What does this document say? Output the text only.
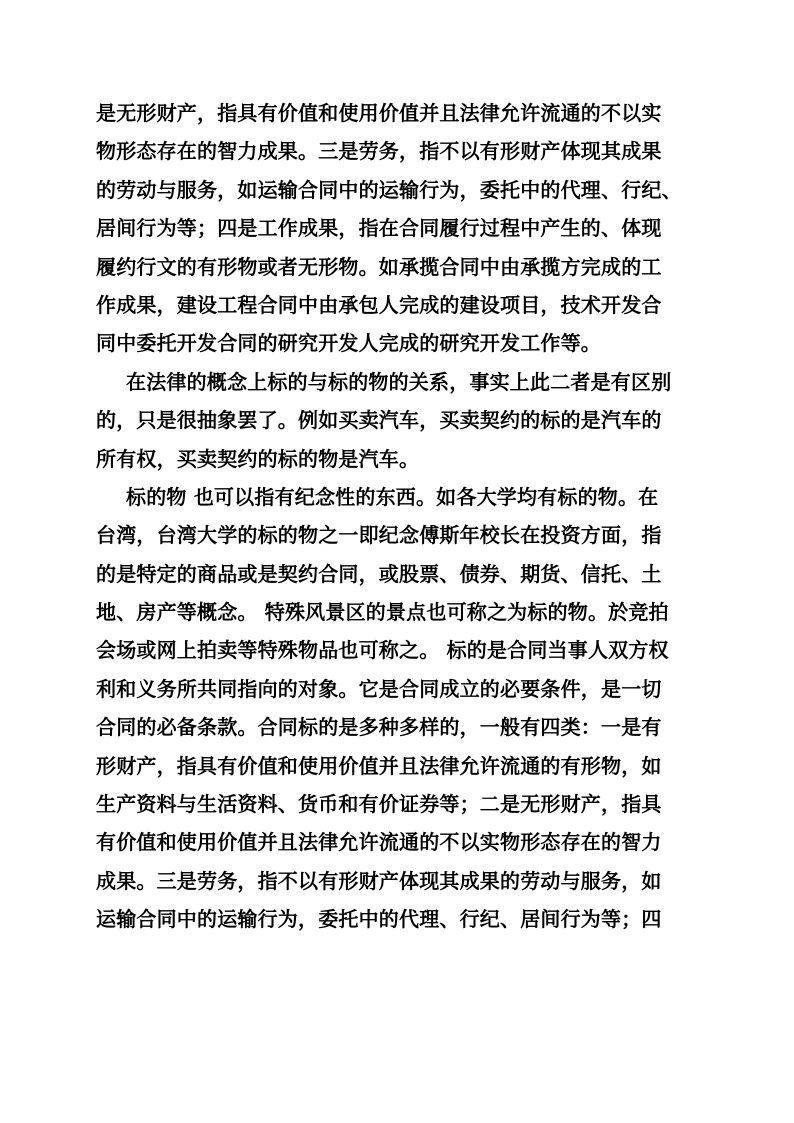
是无形财产，指具有价值和使用价值并且法律允许流通的不以实
物形态存在的智力成果。三是劳务，指不以有形财产体现其成果
的劳动与服务，如运输合同中的运输行为，委托中的代理、行纪、
居间行为等；四是工作成果，指在合同履行过程中产生的、体现
履约行文的有形物或者无形物。如承揽合同中由承揽方完成的工
作成果，建设工程合同中由承包人完成的建设项目，技术开发合
同中委托开发合同的研究开发人完成的研究开发工作等。
在法律的概念上标的与标的物的关系，事实上此二者是有区别
的，只是很抽象罢了。例如买卖汽车，买卖契约的标的是汽车的
所有权，买卖契约的标的物是汽车。
标的物 也可以指有纪念性的东西。如各大学均有标的物。在
台湾，台湾大学的标的物之一即纪念傅斯年校长在投资方面，指
的是特定的商品或是契约合同，或股票、债券、期货、信托、土
地、房产等概念。 特殊风景区的景点也可称之为标的物。於竞拍
会场或网上拍卖等特殊物品也可称之。 标的是合同当事人双方权
利和义务所共同指向的对象。它是合同成立的必要条件，是一切
合同的必备条款。合同标的是多种多样的，一般有四类：一是有
形财产，指具有价值和使用价值并且法律允许流通的有形物，如
生产资料与生活资料、货币和有价证券等；二是无形财产，指具
有价值和使用价值并且法律允许流通的不以实物形态存在的智力
成果。三是劳务，指不以有形财产体现其成果的劳动与服务，如
运输合同中的运输行为，委托中的代理、行纪、居间行为等；四
